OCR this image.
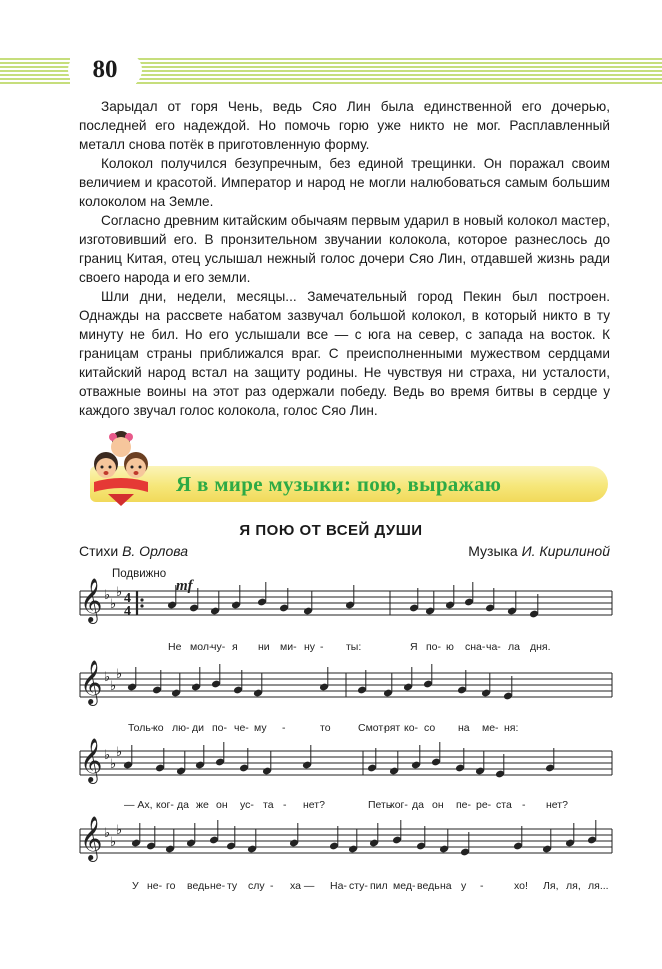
80

Зарыдал от горя Чень, ведь Сяо Лин была единственной его дочерью, последней его надеждой. Но помочь горю уже никто не мог. Расплавленный металл снова потёк в приготовленную форму.

Колокол получился безупречным, без единой трещинки. Он поражал своим величием и красотой. Император и народ не могли налюбоваться самым большим колоколом на Земле.

Согласно древним китайским обычаям первым ударил в новый колокол мастер, изготовивший его. В пронзительном звучании колокола, которое разнеслось до границ Китая, отец услышал нежный голос дочери Сяо Лин, отдавшей жизнь ради своего народа и его земли.

Шли дни, недели, месяцы... Замечательный город Пекин был построен. Однажды на рассвете набатом зазвучал большой колокол, в который никто в ту минуту не бил. Но его услышали все — с юга на север, с запада на восток. К границам страны приближался враг. С преисполненными мужеством сердцами китайский народ встал на защиту родины. Не чувствуя ни страха, ни усталости, отважные воины на этот раз одержали победу. Ведь во время битвы в сердце у каждого звучал голос колокола, голос Сяо Лин.

Я в мире музыки: пою, выражаю
Я ПОЮ ОТ ВСЕЙ ДУШИ
Стихи В. Орлова	Музыка И. Кирилиной
Подвижно
mf
𝄞 ♭
♭
♭ 4
4
𝄞 ♭
♭
♭
𝄞 ♭
♭
♭
𝄞 ♭
♭
♭
Не мол-
чу- я ни ми- ну - ты:	Я по- ю сна- ча- ла дня.
Толь-
ко лю- ди по- че- му -	то	Смот-
рят ко- со на ме- ня:
— Ах, ког- да же он ус- та - нет?	Петь
ког- да он пе- ре- ста - нет?
У не- го ведь не- ту слу - ха — На- сту- пил мед- ведь на у -	хо! Ля, ля, ля...
